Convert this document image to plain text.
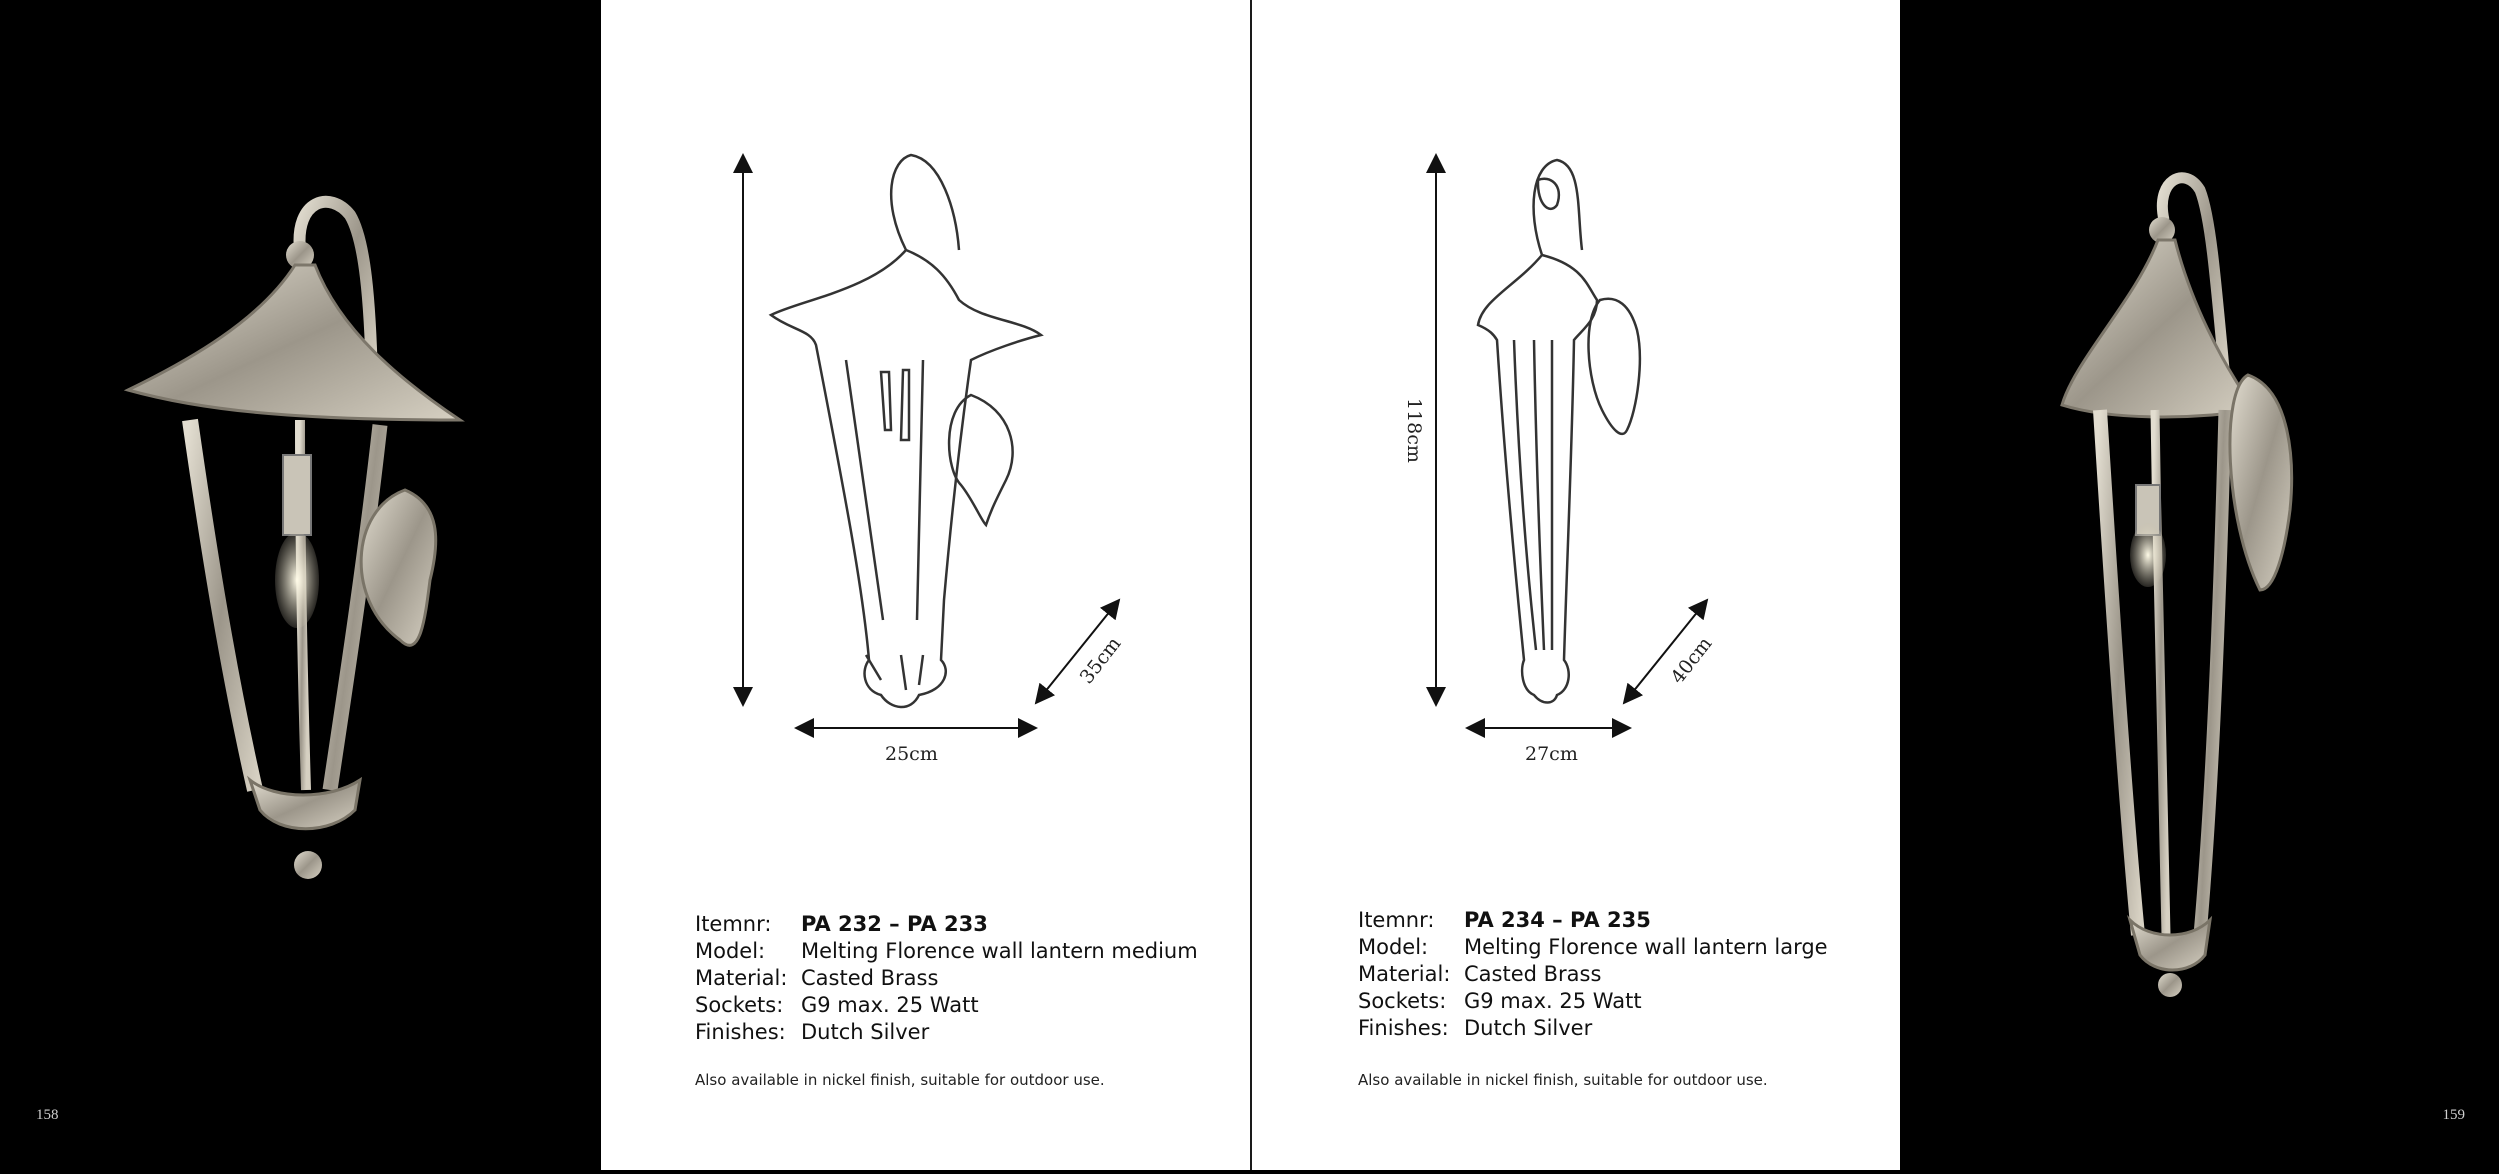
158
25cm
35cm
Itemnr:	PA 232 – PA 233
Model:	Melting Florence wall lantern medium
Material: Casted Brass
Sockets: G9 max. 25 Watt
Finishes: Dutch Silver
Also available in nickel finish, suitable for outdoor use.
118cm
27cm
40cm
Itemnr:	PA 234 – PA 235
Model:	Melting Florence wall lantern large
Material: Casted Brass
Sockets: G9 max. 25 Watt
Finishes: Dutch Silver
Also available in nickel finish, suitable for outdoor use.
159
